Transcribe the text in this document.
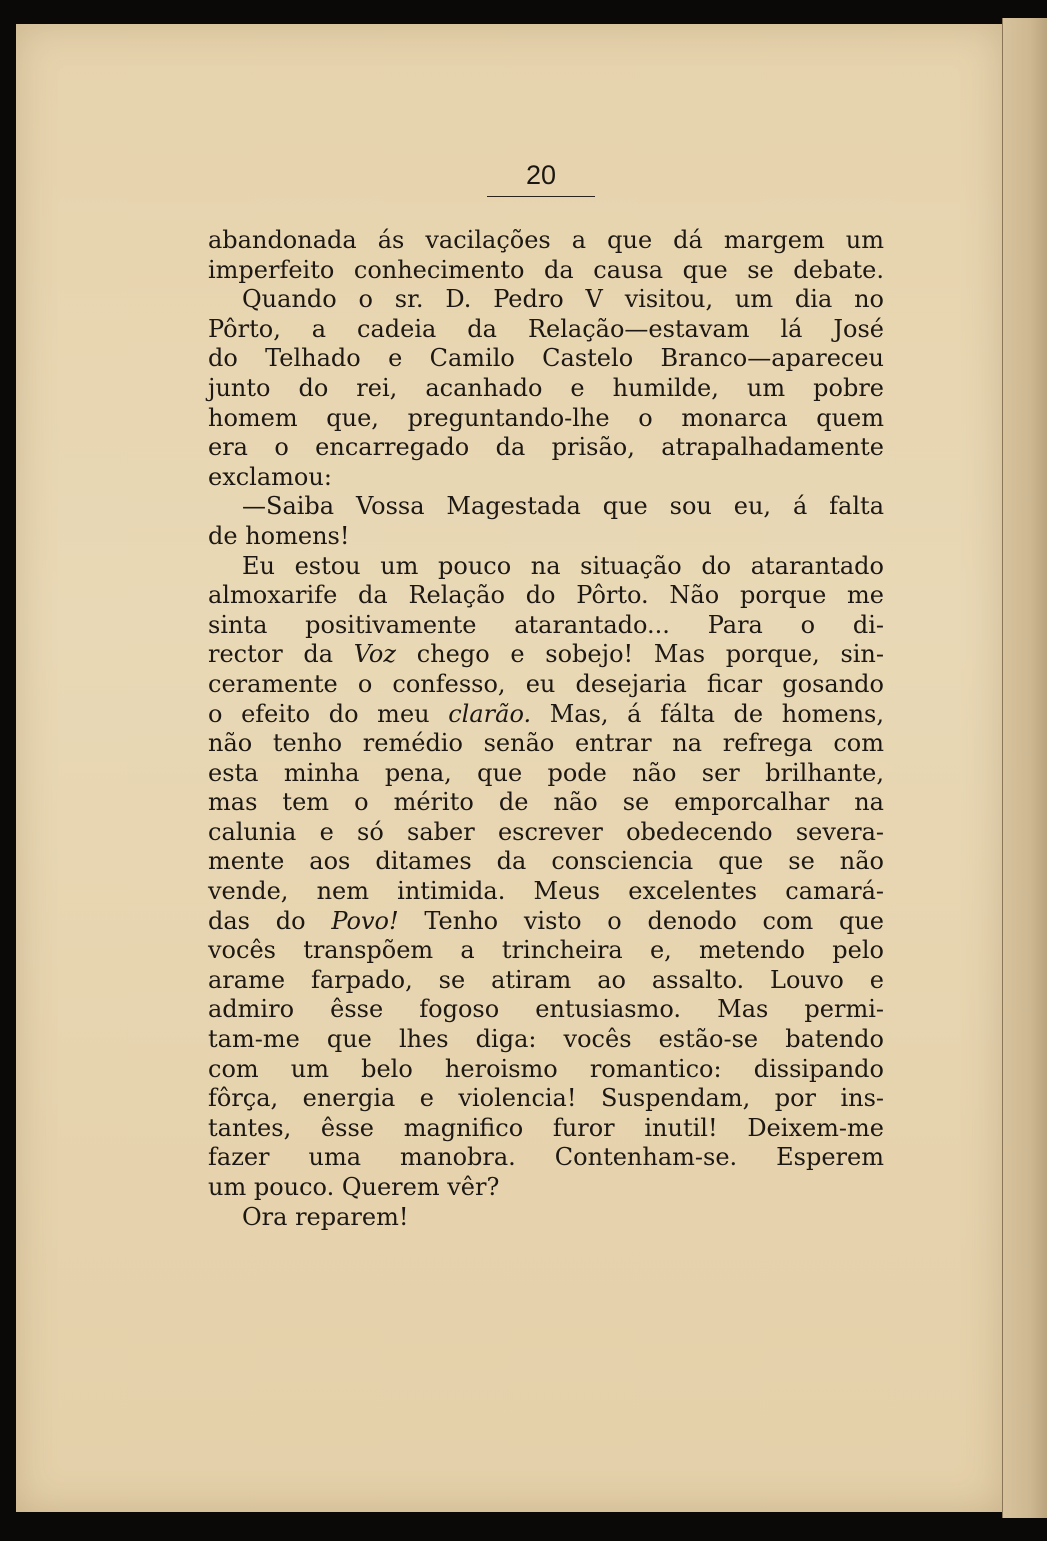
20
abandonada ás vacilações a que dá margem um
imperfeito conhecimento da causa que se debate.
Quando o sr. D. Pedro V visitou, um dia no
Pôrto, a cadeia da Relação—estavam lá José
do Telhado e Camilo Castelo Branco—apareceu
junto do rei, acanhado e humilde, um pobre
homem que, preguntando-lhe o monarca quem
era o encarregado da prisão, atrapalhadamente
exclamou:
—Saiba Vossa Magestada que sou eu, á falta
de homens!
Eu estou um pouco na situação do atarantado
almoxarife da Relação do Pôrto. Não porque me
sinta positivamente atarantado... Para o di-
rector da Voz chego e sobejo! Mas porque, sin-
ceramente o confesso, eu desejaria ficar gosando
o efeito do meu clarão. Mas, á fálta de homens,
não tenho remédio senão entrar na refrega com
esta minha pena, que pode não ser brilhante,
mas tem o mérito de não se emporcalhar na
calunia e só saber escrever obedecendo severa-
mente aos ditames da consciencia que se não
vende, nem intimida. Meus excelentes camará-
das do Povo! Tenho visto o denodo com que
vocês transpõem a trincheira e, metendo pelo
arame farpado, se atiram ao assalto. Louvo e
admiro êsse fogoso entusiasmo. Mas permi-
tam-me que lhes diga: vocês estão-se batendo
com um belo heroismo romantico: dissipando
fôrça, energia e violencia! Suspendam, por ins-
tantes, êsse magnifico furor inutil! Deixem-me
fazer uma manobra. Contenham-se. Esperem
um pouco. Querem vêr?
Ora reparem!
